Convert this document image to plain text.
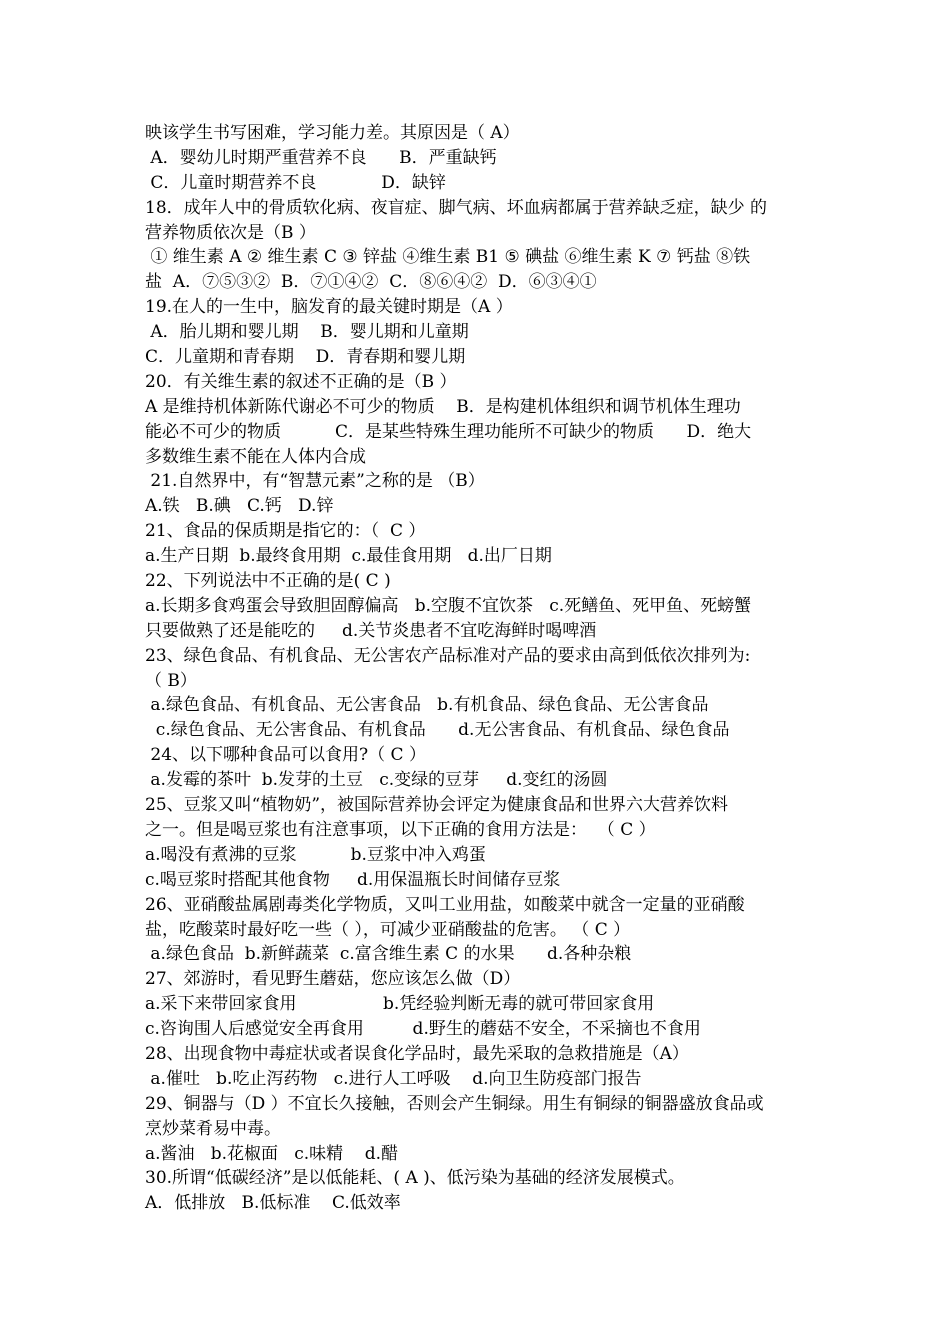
映该学生书写困难，学习能力差。其原因是（ A）
A．婴幼儿时期严重营养不良      B．严重缺钙
C．儿童时期营养不良            D．缺锌
18．成年人中的骨质软化病、夜盲症、脚气病、坏血病都属于营养缺乏症，缺少 的
营养物质依次是（B ）
① 维生素 A ② 维生素 C ③ 锌盐 ④维生素 B1 ⑤ 碘盐 ⑥维生素 K ⑦ 钙盐 ⑧铁
盐  A．⑦⑤③②  B．⑦①④②  C．⑧⑥④②  D．⑥③④①
19.在人的一生中，脑发育的最关键时期是（A ）
A．胎儿期和婴儿期    B．婴儿期和儿童期
C．儿童期和青春期    D．青春期和婴儿期
20．有关维生素的叙述不正确的是（B ）
A 是维持机体新陈代谢必不可少的物质    B．是构建机体组织和调节机体生理功
能必不可少的物质          C．是某些特殊生理功能所不可缺少的物质      D．绝大
多数维生素不能在人体内合成
21.自然界中，有“智慧元素”之称的是 （B）
A.铁   B.碘   C.钙   D.锌
21、食品的保质期是指它的：（  C ）
a.生产日期  b.最终食用期  c.最佳食用期   d.出厂日期
22、下列说法中不正确的是( C )
a.长期多食鸡蛋会导致胆固醇偏高   b.空腹不宜饮茶   c.死鳝鱼、死甲鱼、死螃蟹
只要做熟了还是能吃的     d.关节炎患者不宜吃海鲜时喝啤酒
23、绿色食品、有机食品、无公害农产品标准对产品的要求由高到低依次排列为:
（ B）
a.绿色食品、有机食品、无公害食品   b.有机食品、绿色食品、无公害食品
c.绿色食品、无公害食品、有机食品      d.无公害食品、有机食品、绿色食品
24、以下哪种食品可以食用?（ C ）
a.发霉的茶叶  b.发芽的土豆   c.变绿的豆芽     d.变红的汤圆
25、豆浆又叫“植物奶”，被国际营养协会评定为健康食品和世界六大营养饮料
之一。但是喝豆浆也有注意事项，以下正确的食用方法是：  （ C ）
a.喝没有煮沸的豆浆          b.豆浆中冲入鸡蛋
c.喝豆浆时搭配其他食物     d.用保温瓶长时间储存豆浆
26、亚硝酸盐属剧毒类化学物质，又叫工业用盐，如酸菜中就含一定量的亚硝酸
盐，吃酸菜时最好吃一些（ ），可减少亚硝酸盐的危害。 （ C ）
a.绿色食品  b.新鲜蔬菜  c.富含维生素 C 的水果      d.各种杂粮
27、郊游时，看见野生蘑菇，您应该怎么做（D）
a.采下来带回家食用                b.凭经验判断无毒的就可带回家食用
c.咨询围人后感觉安全再食用         d.野生的蘑菇不安全，不采摘也不食用
28、出现食物中毒症状或者误食化学品时，最先采取的急救措施是（A）
a.催吐   b.吃止泻药物   c.进行人工呼吸    d.向卫生防疫部门报告
29、铜器与（D ）不宜长久接触，否则会产生铜绿。用生有铜绿的铜器盛放食品或
烹炒菜肴易中毒。
a.酱油   b.花椒面   c.味精    d.醋
30.所谓“低碳经济”是以低能耗、( A )、低污染为基础的经济发展模式。
A．低排放   B.低标准    C.低效率
